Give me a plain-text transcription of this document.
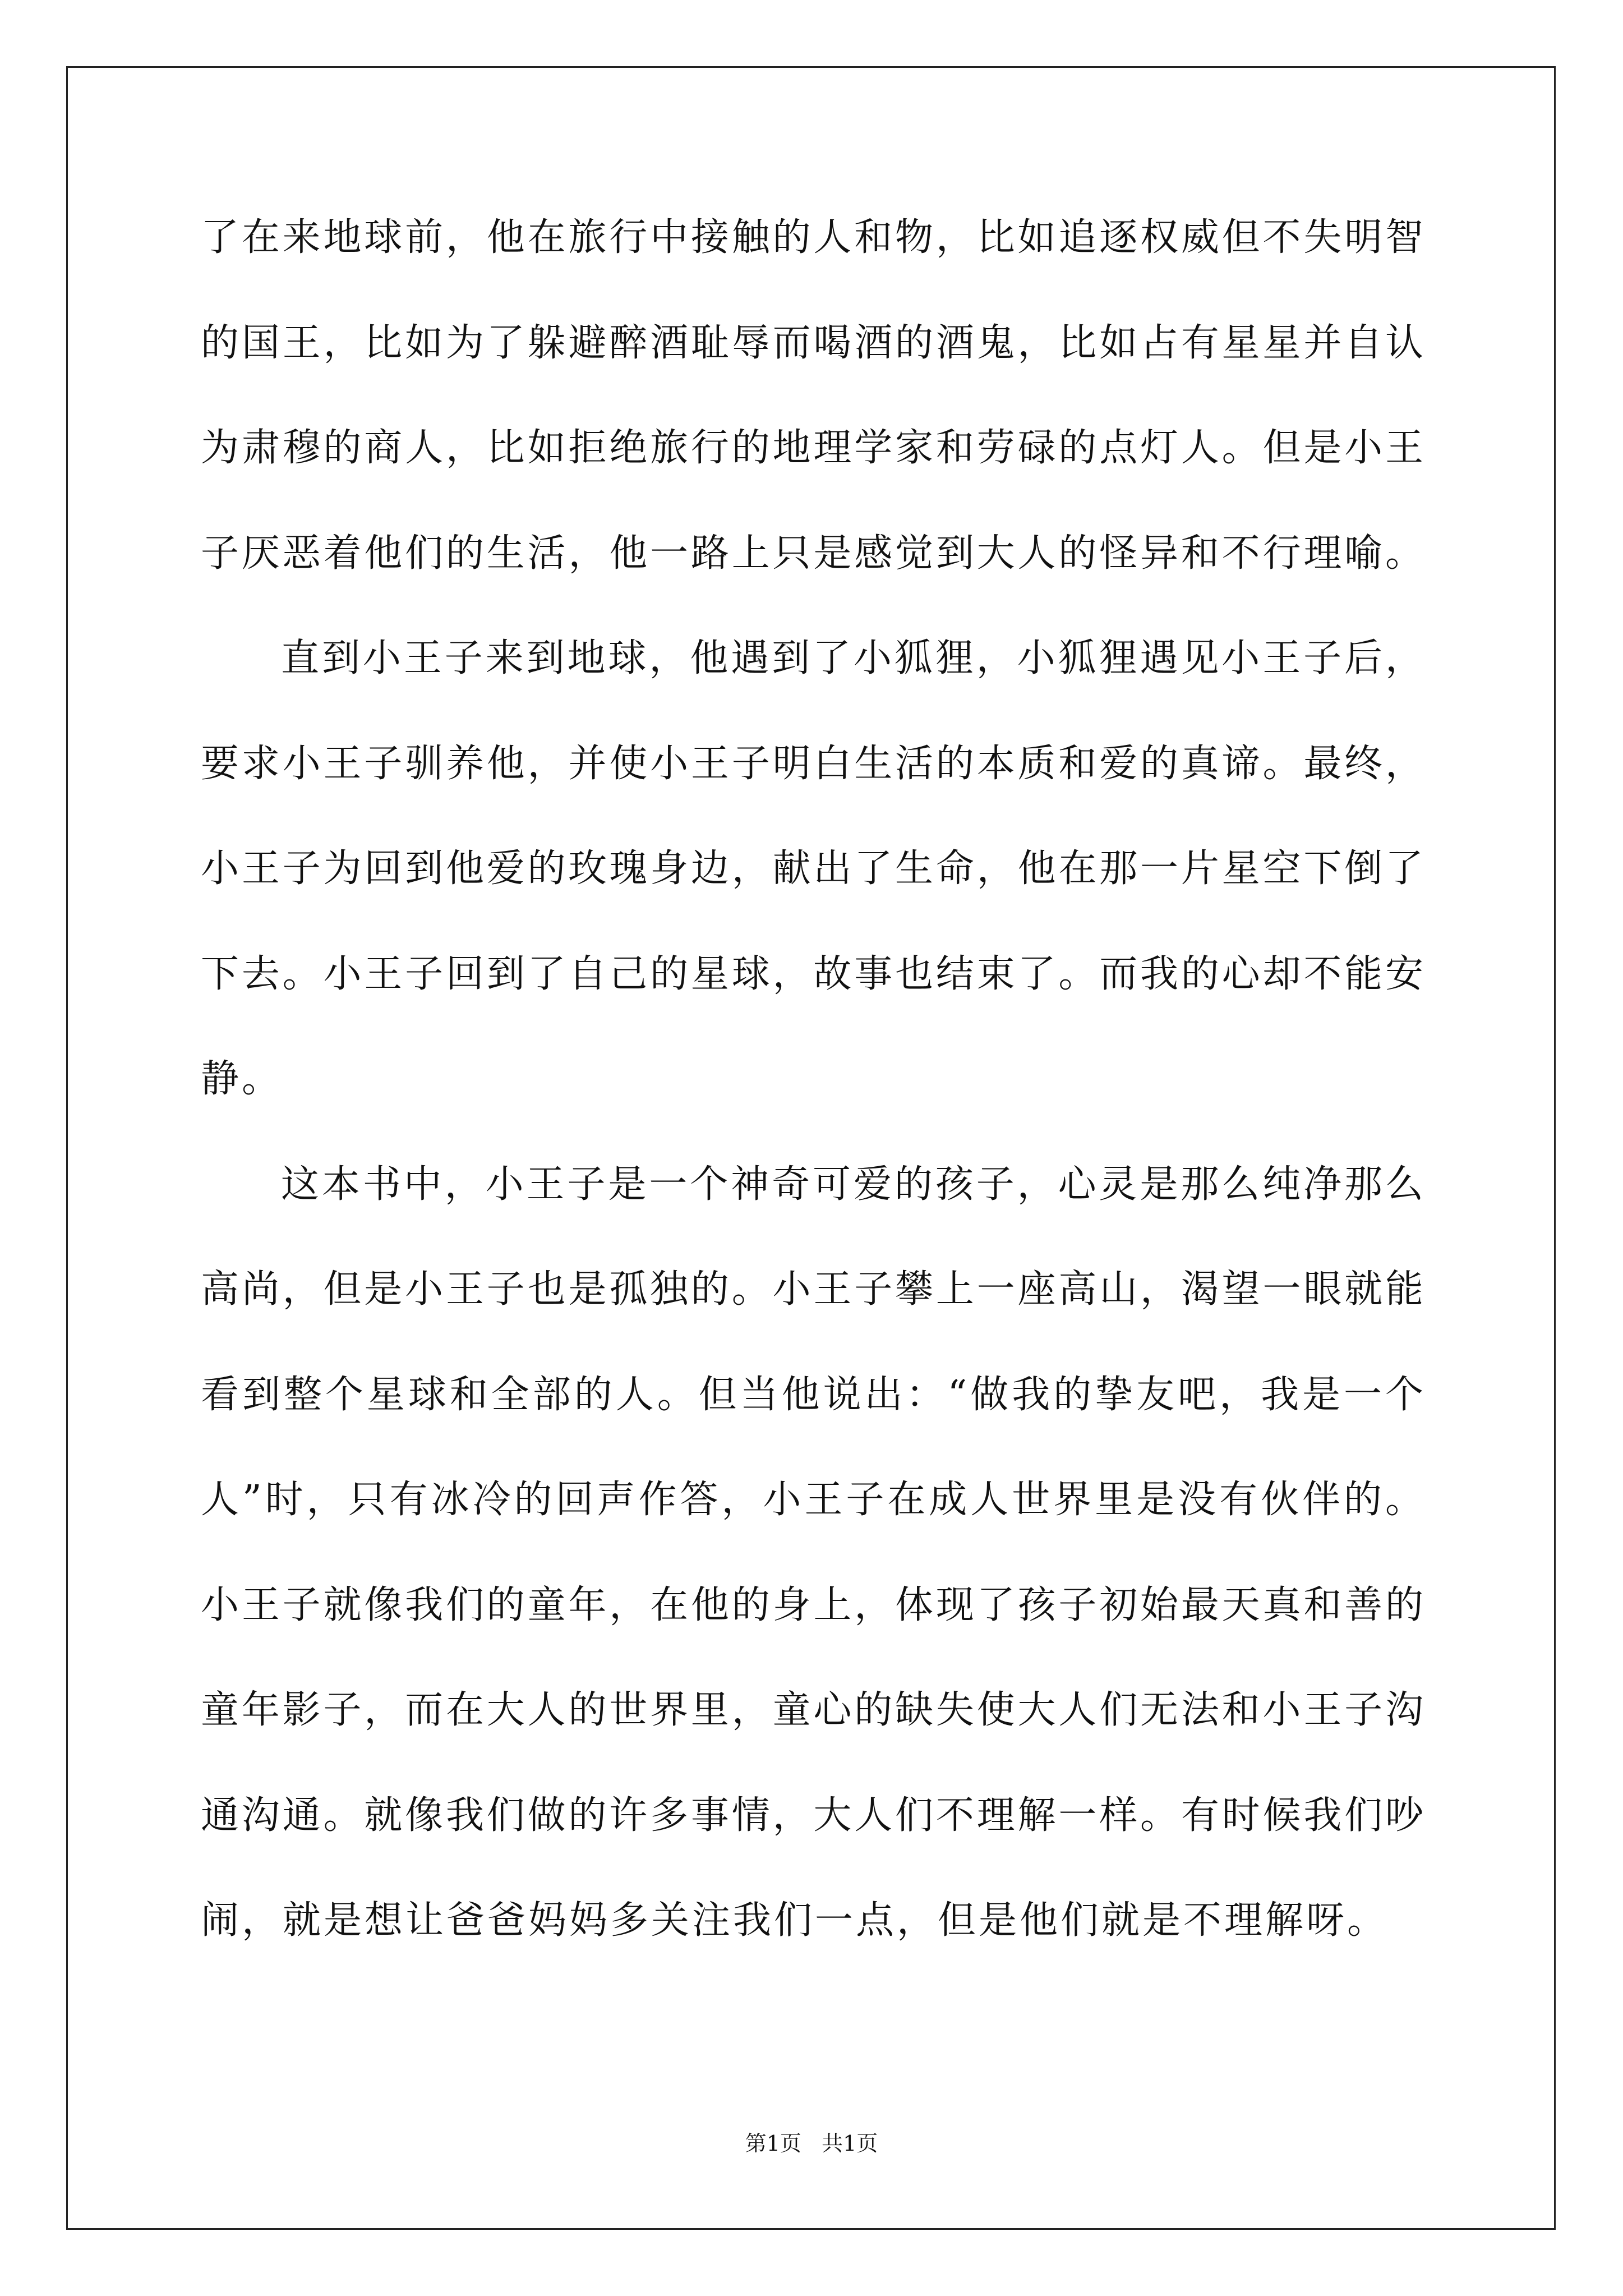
了在来地球前，他在旅行中接触的人和物，比如追逐权威但不失明智
的国王，比如为了躲避醉酒耻辱而喝酒的酒鬼，比如占有星星并自认
为肃穆的商人，比如拒绝旅行的地理学家和劳碌的点灯人。但是小王
子厌恶着他们的生活，他一路上只是感觉到大人的怪异和不行理喻。
直到小王子来到地球，他遇到了小狐狸，小狐狸遇见小王子后，
要求小王子驯养他，并使小王子明白生活的本质和爱的真谛。最终，
小王子为回到他爱的玫瑰身边，献出了生命，他在那一片星空下倒了
下去。小王子回到了自己的星球，故事也结束了。而我的心却不能安
静。
这本书中，小王子是一个神奇可爱的孩子，心灵是那么纯净那么
高尚，但是小王子也是孤独的。小王子攀上一座高山，渴望一眼就能
看到整个星球和全部的人。但当他说出：“做我的挚友吧，我是一个
人”时，只有冰冷的回声作答，小王子在成人世界里是没有伙伴的。
小王子就像我们的童年，在他的身上，体现了孩子初始最天真和善的
童年影子，而在大人的世界里，童心的缺失使大人们无法和小王子沟
通沟通。就像我们做的许多事情，大人们不理解一样。有时候我们吵
闹，就是想让爸爸妈妈多关注我们一点，但是他们就是不理解呀。
第1页   共1页
